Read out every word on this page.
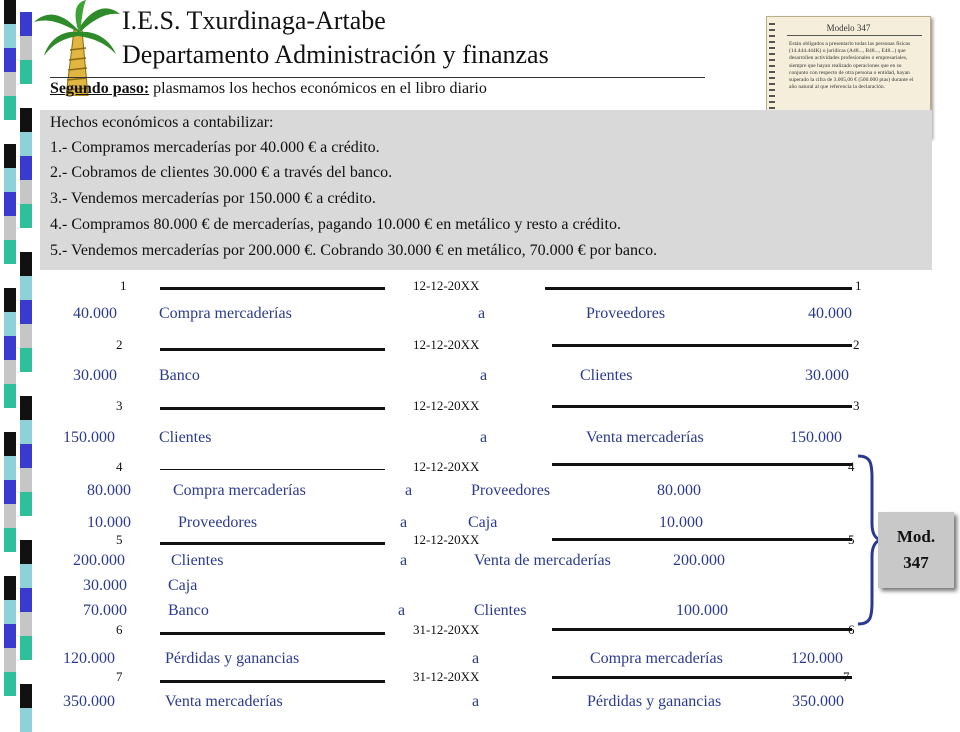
I.E.S. Txurdinaga-Artabe
Departamento Administración y finanzas
Segundo paso: plasmamos los hechos económicos en el libro diario
Modelo 347
Están obligados a presentarlo todas las personas físicas (14.444.444K) o jurídicas (A48..., B48..., E48...) que desarrollen actividades profesionales o empresariales, siempre que hayan realizado operaciones que en su conjunto con respecto de otra persona o entidad, hayan superado la cifra de 3.005,06 € (500.000 ptas) durante el año natural al que referencia la declaración.
Hechos económicos a contabilizar:
1.- Compramos mercaderías por 40.000 € a crédito.
2.- Cobramos de clientes 30.000 € a través del banco.
3.- Vendemos mercaderías por 150.000 € a crédito.
4.- Compramos 80.000 € de mercaderías, pagando 10.000 € en metálico y resto a crédito.
5.- Vendemos mercaderías por 200.000 €. Cobrando 30.000 € en metálico, 70.000 € por banco.
1	12-12-20XX	1
40.000	Compra mercaderías	a	Proveedores	40.000
2	12-12-20XX	2
30.000	Banco	a	Clientes	30.000
3	12-12-20XX	3
150.000	Clientes	a	Venta mercaderías	150.000
4	12-12-20XX	4
80.000	Compra mercaderías	a	Proveedores	80.000
10.000	Proveedores	a	Caja	10.000
5	12-12-20XX	5
200.000	Clientes	a	Venta de mercaderías	200.000
30.000	Caja
70.000	Banco	a	Clientes	100.000
6	31-12-20XX	6
120.000	Pérdidas y ganancias	a	Compra mercaderías	120.000
7	31-12-20XX	7
350.000	Venta mercaderías	a	Pérdidas y ganancias	350.000
Mod.
347
